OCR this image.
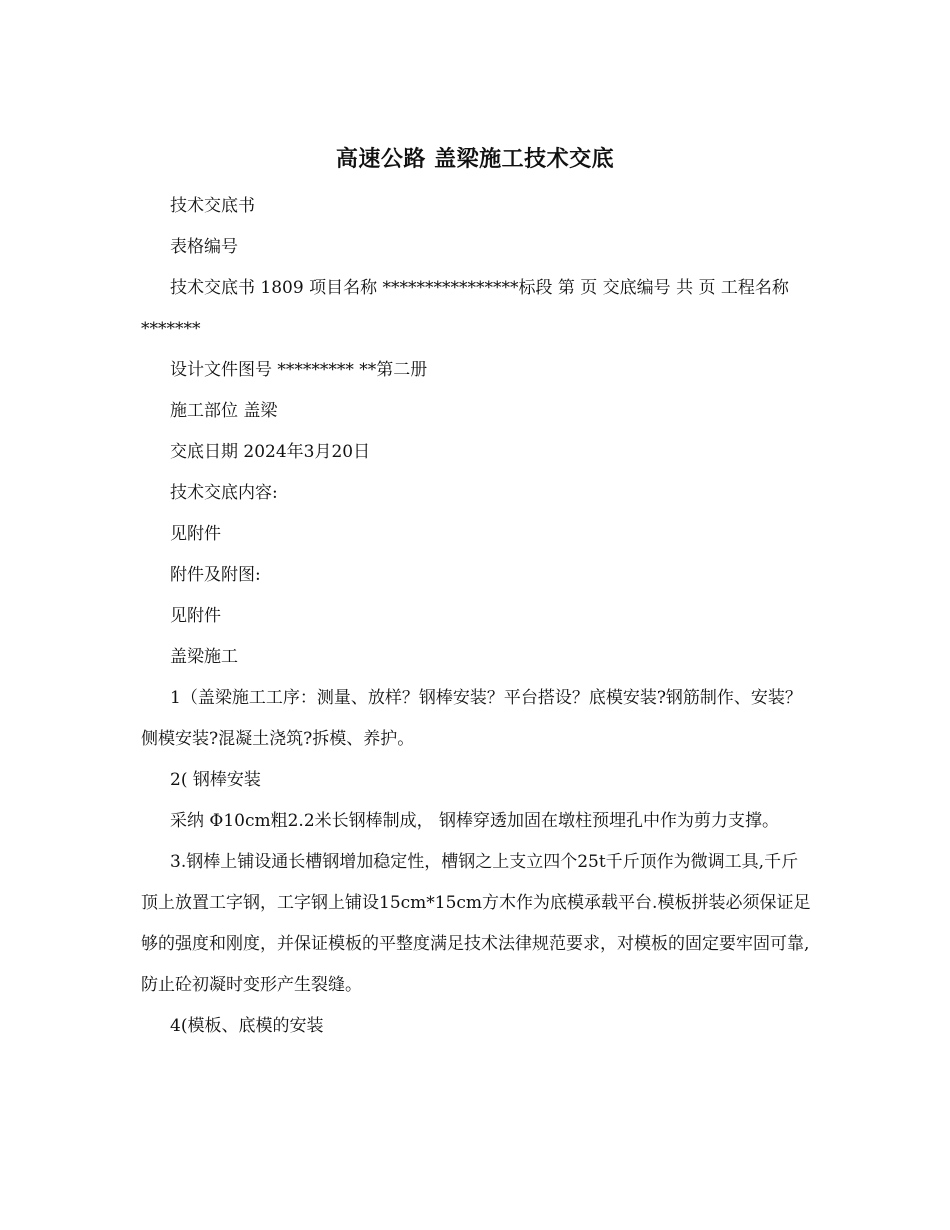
高速公路 盖梁施工技术交底

技术交底书

表格编号

技术交底书 1809 项目名称 ****************标段 第 页 交底编号 共 页 工程名称 *******

设计文件图号 ********* **第二册

施工部位 盖梁

交底日期 2024年3月20日

技术交底内容:

见附件

附件及附图:

见附件

盖梁施工

1（盖梁施工工序：测量、放样？钢棒安装？平台搭设？底模安装?钢筋制作、安装？侧模安装?混凝土浇筑?拆模、养护。

2( 钢棒安装

采纳 Φ10cm粗2.2米长钢棒制成， 钢棒穿透加固在墩柱预埋孔中作为剪力支撑。

3.钢棒上铺设通长槽钢增加稳定性，槽钢之上支立四个25t千斤顶作为微调工具,千斤顶上放置工字钢，工字钢上铺设15cm*15cm方木作为底模承载平台.模板拼装必须保证足够的强度和刚度，并保证模板的平整度满足技术法律规范要求，对模板的固定要牢固可靠,防止砼初凝时变形产生裂缝。

4(模板、底模的安装
